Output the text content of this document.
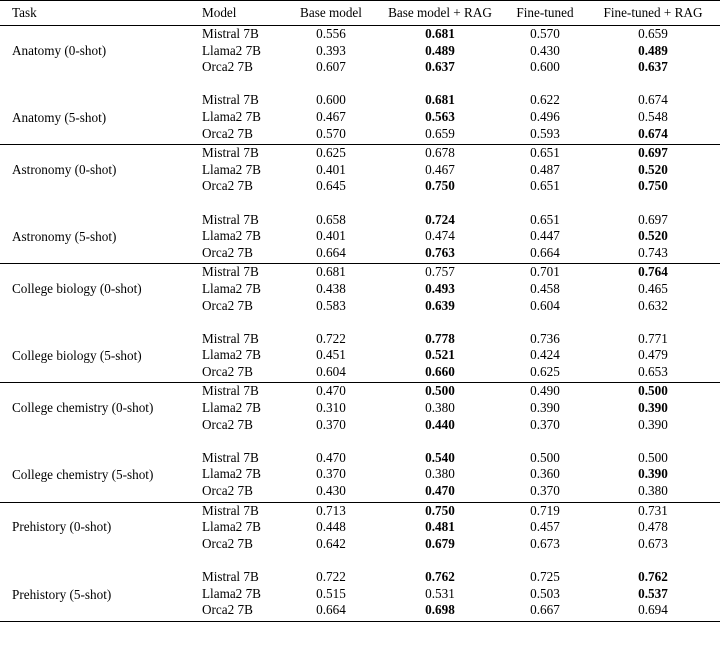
Task	Model	Base model	Base model + RAG	Fine-tuned	Fine-tuned + RAG
Anatomy (0-shot)	Mistral 7B	0.556	0.681	0.570	0.659
	Llama2 7B	0.393	0.489	0.430	0.489
	Orca2 7B	0.607	0.637	0.600	0.637

Anatomy (5-shot)	Mistral 7B	0.600	0.681	0.622	0.674
	Llama2 7B	0.467	0.563	0.496	0.548
	Orca2 7B	0.570	0.659	0.593	0.674
Astronomy (0-shot)	Mistral 7B	0.625	0.678	0.651	0.697
	Llama2 7B	0.401	0.467	0.487	0.520
	Orca2 7B	0.645	0.750	0.651	0.750

Astronomy (5-shot)	Mistral 7B	0.658	0.724	0.651	0.697
	Llama2 7B	0.401	0.474	0.447	0.520
	Orca2 7B	0.664	0.763	0.664	0.743
College biology (0-shot)	Mistral 7B	0.681	0.757	0.701	0.764
	Llama2 7B	0.438	0.493	0.458	0.465
	Orca2 7B	0.583	0.639	0.604	0.632

College biology (5-shot)	Mistral 7B	0.722	0.778	0.736	0.771
	Llama2 7B	0.451	0.521	0.424	0.479
	Orca2 7B	0.604	0.660	0.625	0.653
College chemistry (0-shot)	Mistral 7B	0.470	0.500	0.490	0.500
	Llama2 7B	0.310	0.380	0.390	0.390
	Orca2 7B	0.370	0.440	0.370	0.390

College chemistry (5-shot)	Mistral 7B	0.470	0.540	0.500	0.500
	Llama2 7B	0.370	0.380	0.360	0.390
	Orca2 7B	0.430	0.470	0.370	0.380
Prehistory (0-shot)	Mistral 7B	0.713	0.750	0.719	0.731
	Llama2 7B	0.448	0.481	0.457	0.478
	Orca2 7B	0.642	0.679	0.673	0.673

Prehistory (5-shot)	Mistral 7B	0.722	0.762	0.725	0.762
	Llama2 7B	0.515	0.531	0.503	0.537
	Orca2 7B	0.664	0.698	0.667	0.694
